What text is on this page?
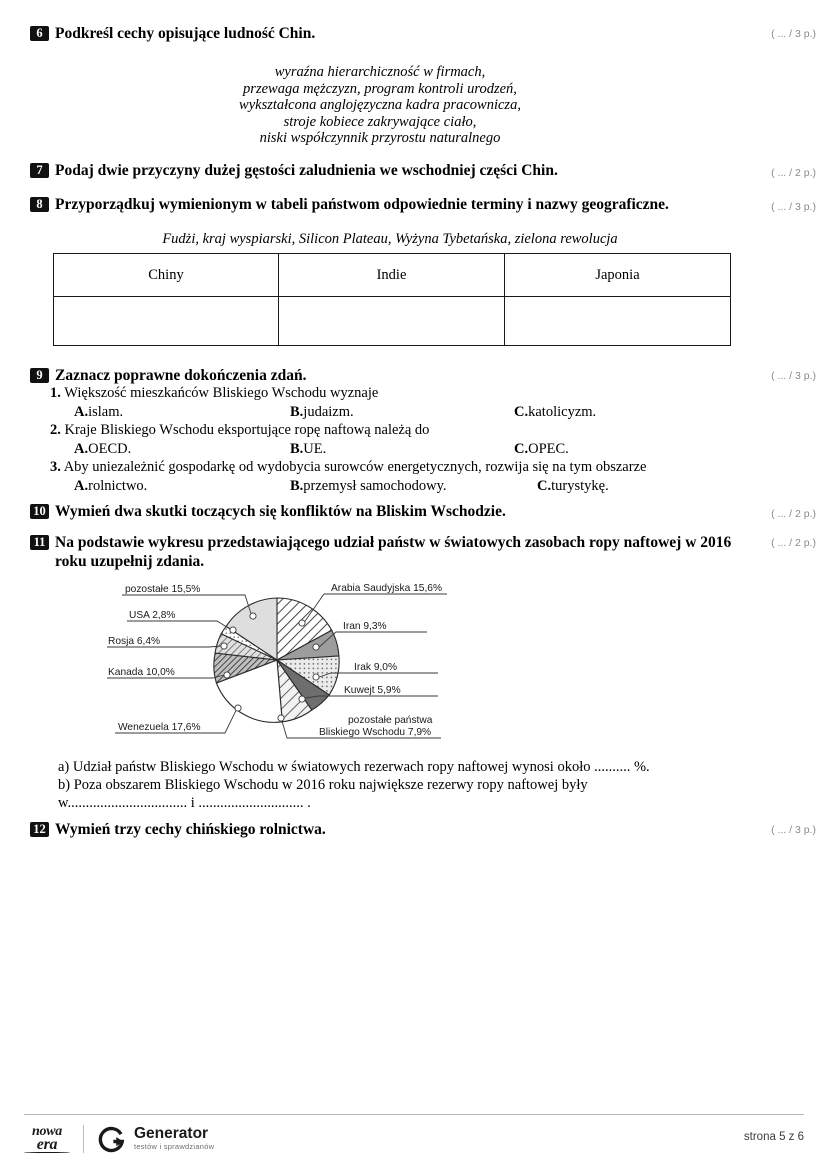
6 Podkreśl cechy opisujące ludność Chin.	( ... / 3 p.)
wyraźna hierarchiczność w firmach,
przewaga mężczyzn, program kontroli urodzeń,
wykształcona anglojęzyczna kadra pracownicza,
stroje kobiece zakrywające ciało,
niski współczynnik przyrostu naturalnego
7 Podaj dwie przyczyny dużej gęstości zaludnienia we wschodniej części Chin.	( ... / 2 p.)
8 Przyporządkuj wymienionym w tabeli państwom odpowiednie terminy i nazwy geograficzne.	( ... / 3 p.)
Fudżi, kraj wyspiarski, Silicon Plateau, Wyżyna Tybetańska, zielona rewolucja
Chiny	Indie	Japonia

9 Zaznacz poprawne dokończenia zdań.	( ... / 3 p.)
1. Większość mieszkańców Bliskiego Wschodu wyznaje
A. islam.	B. judaizm.	C. katolicyzm.
2. Kraje Bliskiego Wschodu eksportujące ropę naftową należą do
A. OECD.	B. UE.	C. OPEC.
3. Aby uniezależnić gospodarkę od wydobycia surowców energetycznych, rozwija się na tym obszarze
A. rolnictwo.	B. przemysł samochodowy.	C. turystykę.
10 Wymień dwa skutki toczących się konfliktów na Bliskim Wschodzie.	( ... / 2 p.)
11 Na podstawie wykresu przedstawiającego udział państw w światowych zasobach ropy naftowej w 2016 roku uzupełnij zdania.
( ... / 2 p.)
Arabia Saudyjska 15,6%
Iran 9,3%
Irak 9,0%
Kuwejt 5,9%
pozostałe państwa
Bliskiego Wschodu 7,9%
Wenezuela 17,6%
Kanada 10,0%
Rosja 6,4%
USA 2,8%
pozostałe 15,5%
a) Udział państw Bliskiego Wschodu w światowych rezerwach ropy naftowej wynosi około .......... %.
b) Poza obszarem Bliskiego Wschodu w 2016 roku największe rezerwy ropy naftowej były
w................................. i ............................. .
12 Wymień trzy cechy chińskiego rolnictwa.	( ... / 3 p.)
nowa
era
Generator
testów i sprawdzianów
strona 5 z 6
